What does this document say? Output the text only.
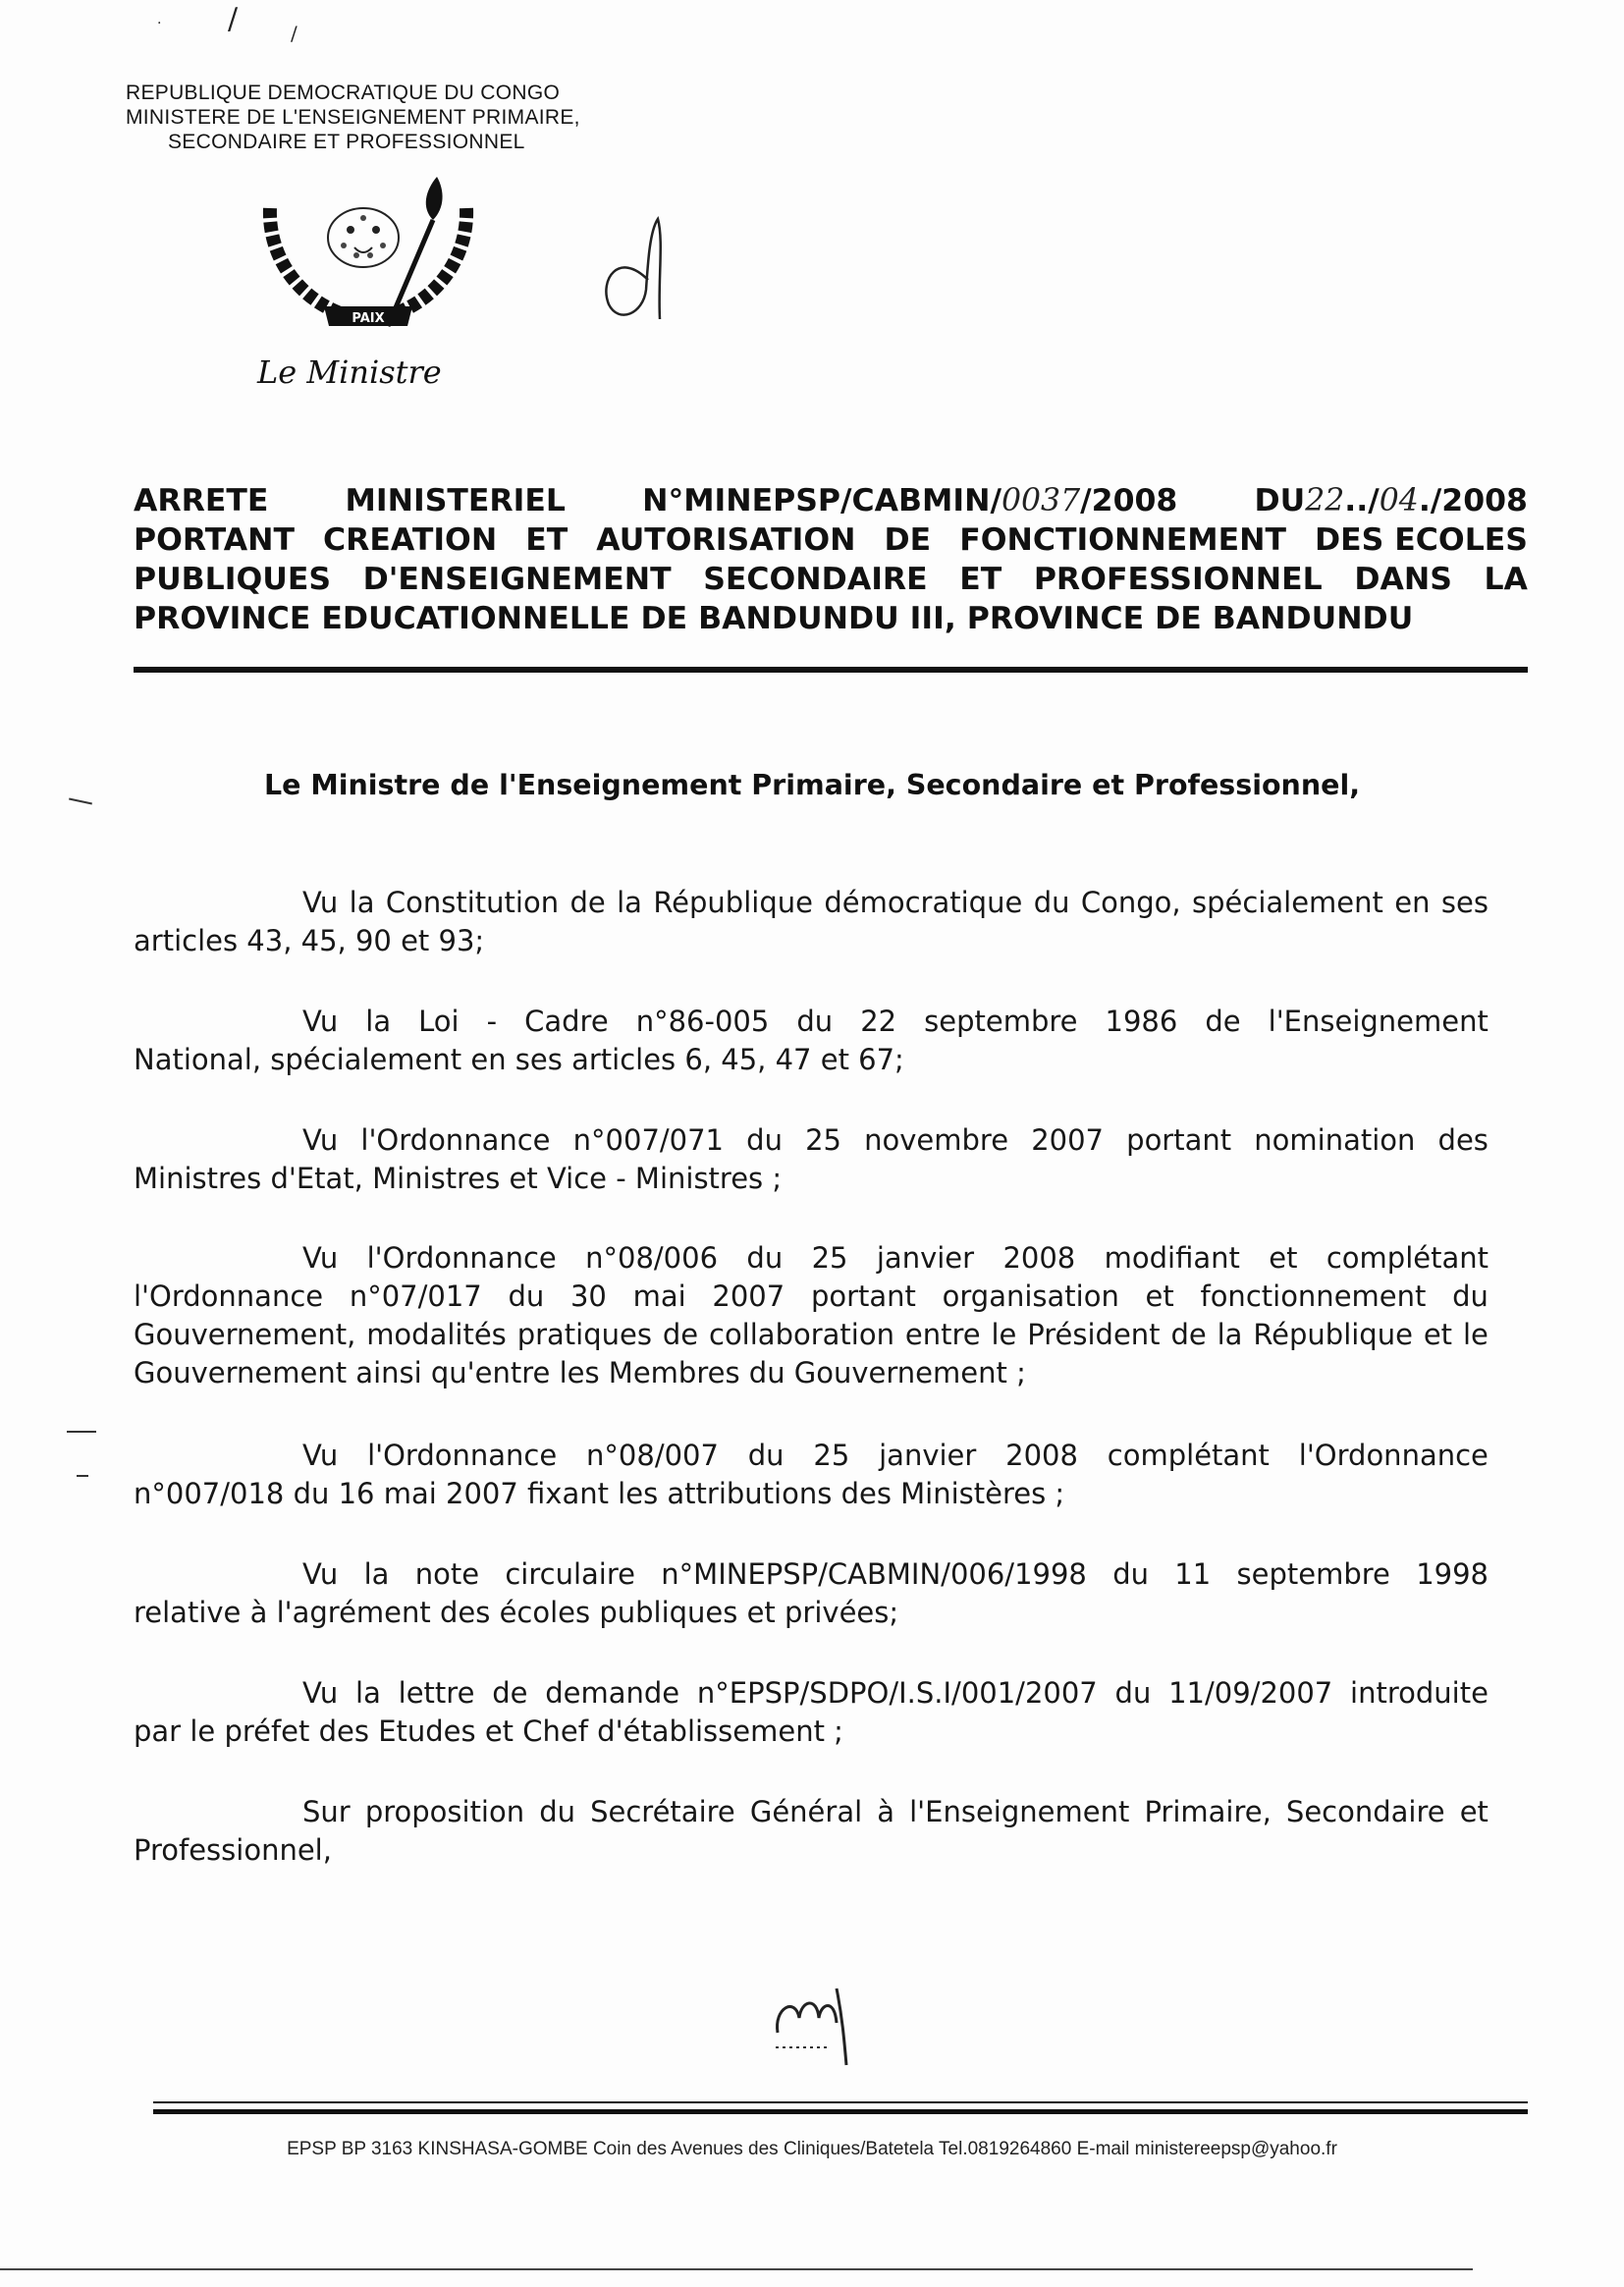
. /	/
REPUBLIQUE DEMOCRATIQUE DU CONGO
MINISTERE DE L'ENSEIGNEMENT PRIMAIRE,
SECONDAIRE ET PROFESSIONNEL
PAIX
Le Ministre
ARRETE MINISTERIEL N°MINEPSP/CABMIN/0037/2008 DU22../04./2008
PORTANT CREATION ET AUTORISATION DE FONCTIONNEMENT DES ECOLES
PUBLIQUES D'ENSEIGNEMENT SECONDAIRE ET PROFESSIONNEL DANS LA
PROVINCE EDUCATIONNELLE DE BANDUNDU III, PROVINCE DE BANDUNDU
Le Ministre de l'Enseignement Primaire, Secondaire et Professionnel,
Vu la Constitution de la République démocratique du Congo, spécialement en ses
articles 43, 45, 90 et 93;
Vu la Loi - Cadre n°86-005 du 22 septembre 1986 de l'Enseignement
National, spécialement en ses articles 6, 45, 47 et 67;
Vu l'Ordonnance n°007/071 du 25 novembre 2007 portant nomination des
Ministres d'Etat, Ministres et Vice - Ministres ;
Vu l'Ordonnance n°08/006 du 25 janvier 2008 modifiant et complétant
l'Ordonnance n°07/017 du 30 mai 2007 portant organisation et fonctionnement du
Gouvernement, modalités pratiques de collaboration entre le Président de la République et le
Gouvernement ainsi qu'entre les Membres du Gouvernement ;
Vu l'Ordonnance n°08/007 du 25 janvier 2008 complétant l'Ordonnance
n°007/018 du 16 mai 2007 fixant les attributions des Ministères ;
Vu la note circulaire n°MINEPSP/CABMIN/006/1998 du 11 septembre 1998
relative à l'agrément des écoles publiques et privées;
Vu la lettre de demande n°EPSP/SDPO/I.S.I/001/2007 du 11/09/2007 introduite
par le préfet des Etudes et Chef d'établissement ;
Sur proposition du Secrétaire Général à l'Enseignement Primaire, Secondaire et
Professionnel,
EPSP BP 3163 KINSHASA-GOMBE Coin des Avenues des Cliniques/Batetela Tel.0819264860 E-mail ministereepsp@yahoo.fr
